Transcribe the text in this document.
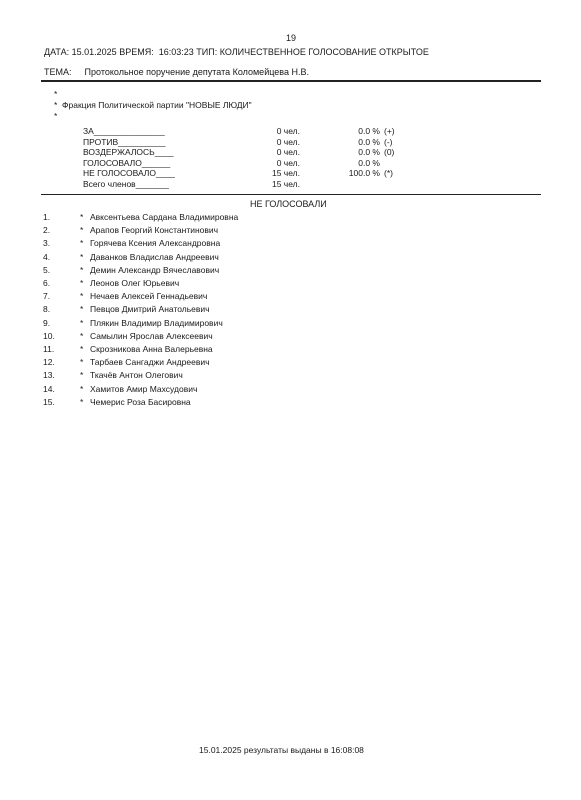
19
ДАТА: 15.01.2025 ВРЕМЯ: 16:03:23 ТИП: КОЛИЧЕСТВЕННОЕ ГОЛОСОВАНИЕ ОТКРЫТОЕ
ТЕМА: Протокольное поручение депутата Коломейцева Н.В.
*
* Фракция Политической партии "НОВЫЕ ЛЮДИ"
*
ЗА_______________	0 чел.	0.0 % (+)
ПРОТИВ__________	0 чел.	0.0 % (-)
ВОЗДЕРЖАЛОСЬ____	0 чел.	0.0 % (0)
ГОЛОСОВАЛО______	0 чел.	0.0 %
НЕ ГОЛОСОВАЛО____	15 чел.	100.0 % (*)
Всего членов_______	15 чел.
НЕ ГОЛОСОВАЛИ
1.	* Авксентьева Сардана Владимировна
2.	* Арапов Георгий Константинович
3.	* Горячева Ксения Александровна
4.	* Даванков Владислав Андреевич
5.	* Демин Александр Вячеславович
6.	* Леонов Олег Юрьевич
7.	* Нечаев Алексей Геннадьевич
8.	* Певцов Дмитрий Анатольевич
9.	* Плякин Владимир Владимирович
10.	* Самылин Ярослав Алексеевич
11.	* Скрозникова Анна Валерьевна
12.	* Тарбаев Сангаджи Андреевич
13.	* Ткачёв Антон Олегович
14.	* Хамитов Амир Махсудович
15.	* Чемерис Роза Басировна
15.01.2025 результаты выданы в 16:08:08
